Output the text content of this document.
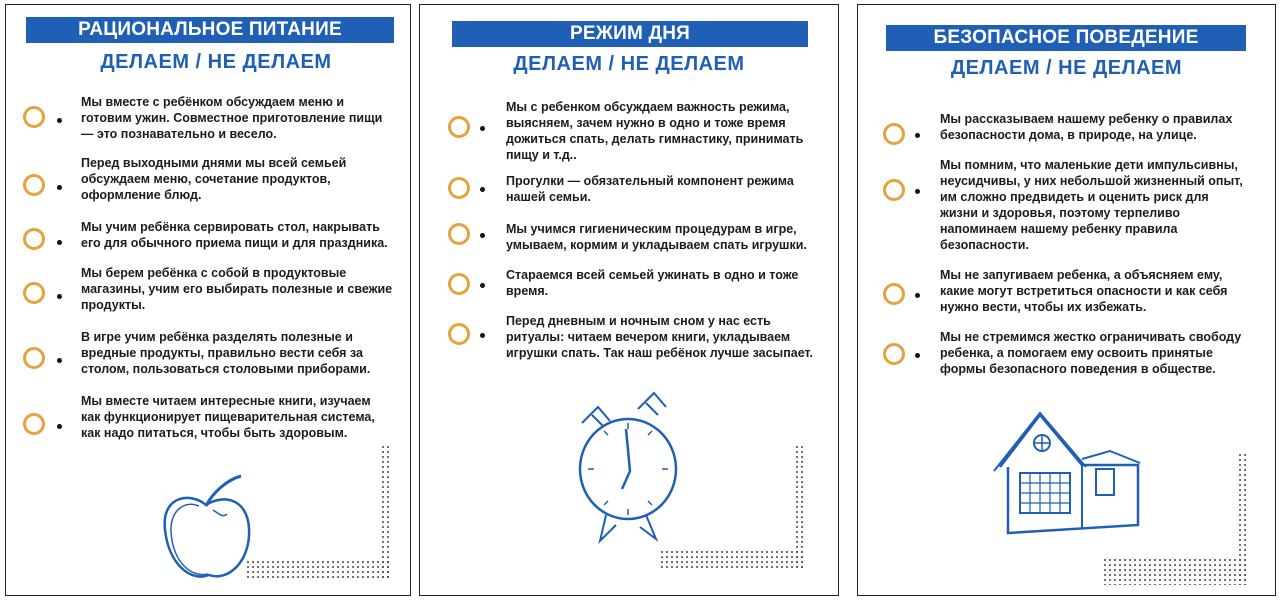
РАЦИОНАЛЬНОЕ ПИТАНИЕ
ДЕЛАЕМ / НЕ ДЕЛАЕМ
Мы вместе с ребёнком обсуждаем меню и готовим ужин. Совместное приготовление пищи — это познавательно и весело.
Перед выходными днями мы всей семьей обсуждаем меню, сочетание продуктов, оформление блюд.
Мы учим ребёнка сервировать стол, накрывать его для обычного приема пищи и для праздника.
Мы берем ребёнка с собой в продуктовые магазины, учим его выбирать полезные и свежие продукты.
В игре учим ребёнка разделять полезные и вредные продукты, правильно вести себя за столом, пользоваться столовыми приборами.
Мы вместе читаем интересные книги, изучаем как функционирует пищеварительная система, как надо питаться, чтобы быть здоровым.
РЕЖИМ ДНЯ
ДЕЛАЕМ / НЕ ДЕЛАЕМ
Мы с ребенком обсуждаем важность режима, выясняем, зачем нужно в одно и тоже время дожиться спать, делать гимнастику, принимать пищу и т.д..
Прогулки — обязательный компонент режима нашей семьи.
Мы учимся гигиеническим процедурам в игре, умываем, кормим и укладываем спать игрушки.
Стараемся всей семьей ужинать в одно и тоже время.
Перед дневным и ночным сном у нас есть ритуалы: читаем вечером книги, укладываем игрушки спать. Так наш ребёнок лучше засыпает.
БЕЗОПАСНОЕ ПОВЕДЕНИЕ
ДЕЛАЕМ / НЕ ДЕЛАЕМ
Мы рассказываем нашему ребенку о правилах безопасности дома, в природе, на улице.
Мы помним, что маленькие дети импульсивны, неусидчивы, у них небольшой жизненный опыт, им сложно предвидеть и оценить риск для жизни и здоровья, поэтому терпеливо напоминаем нашему ребенку правила безопасности.
Мы не запугиваем ребенка, а объясняем ему, какие могут встретиться опасности и как себя нужно вести, чтобы их избежать.
Мы не стремимся жестко ограничивать свободу ребенка, а помогаем ему освоить принятые формы безопасного поведения в обществе.
